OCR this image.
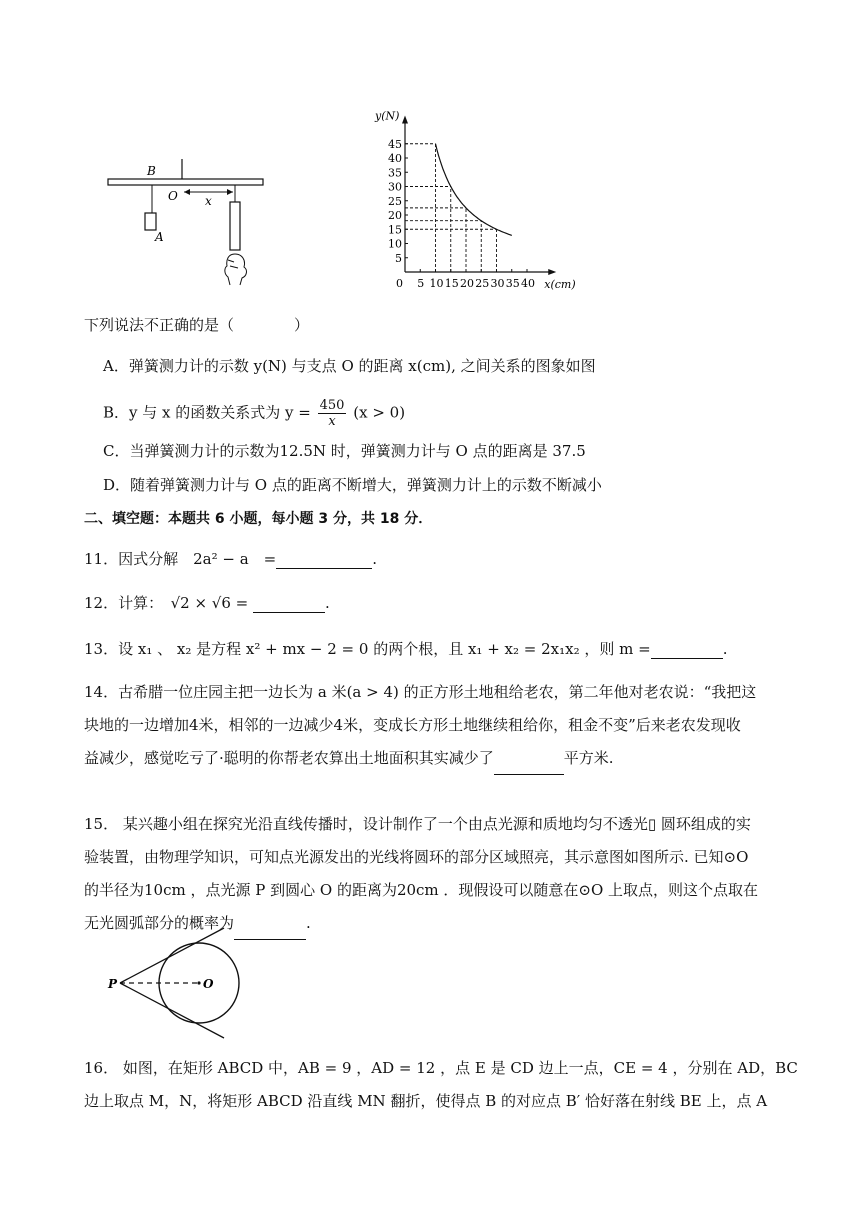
B
A
O x
y(N)
x(cm)
0 5 10 15 20 25 30 35 40
5
10
15
20
25
30
35
40
45
下列说法不正确的是（　　　　）
A．弹簧测力计的示数 y(N) 与支点 O 的距离 x(cm), 之间关系的图象如图
B．y 与 x 的函数关系式为 $y = \frac{450}{x} (x > 0)$
C．当弹簧测力计的示数为12.5N 时，弹簧测力计与 O 点的距离是 37.5
D．随着弹簧测力计与 O 点的距离不断增大，弹簧测力计上的示数不断减小
二、填空题：本题共 6 小题，每小题 3 分，共 18 分．
11．因式分解　2a² − a　=	.
12．计算：　√2 × √6 =	.
13．设 x₁ 、 x₂ 是方程 x² + mx − 2 = 0 的两个根，且 x₁ + x₂ = 2x₁x₂ ，则 m =	.
14．古希腊一位庄园主把一边长为 a 米(a > 4) 的正方形土地租给老农，第二年他对老农说：“我把这
块地的一边增加4米，相邻的一边减少4米，变成长方形土地继续租给你，租金不变”后来老农发现收
益减少，感觉吃亏了·聪明的你帮老农算出土地面积其实减少了	平方米.
15． 某兴趣小组在探究光沿直线传播时，设计制作了一个由点光源和质地均匀不透光▯ 圆环组成的实
验装置，由物理学知识，可知点光源发出的光线将圆环的部分区域照亮，其示意图如图所示. 已知⊙O
的半径为10cm ，点光源 P 到圆心 O 的距离为20cm ．现假设可以随意在⊙O 上取点，则这个点取在
无光圆弧部分的概率为	.
P	O
16． 如图，在矩形 ABCD 中，AB = 9 ，AD = 12 ，点 E 是 CD 边上一点，CE = 4 ，分别在 AD，BC
边上取点 M，N，将矩形 ABCD 沿直线 MN 翻折，使得点 B 的对应点 B′ 恰好落在射线 BE 上，点 A
